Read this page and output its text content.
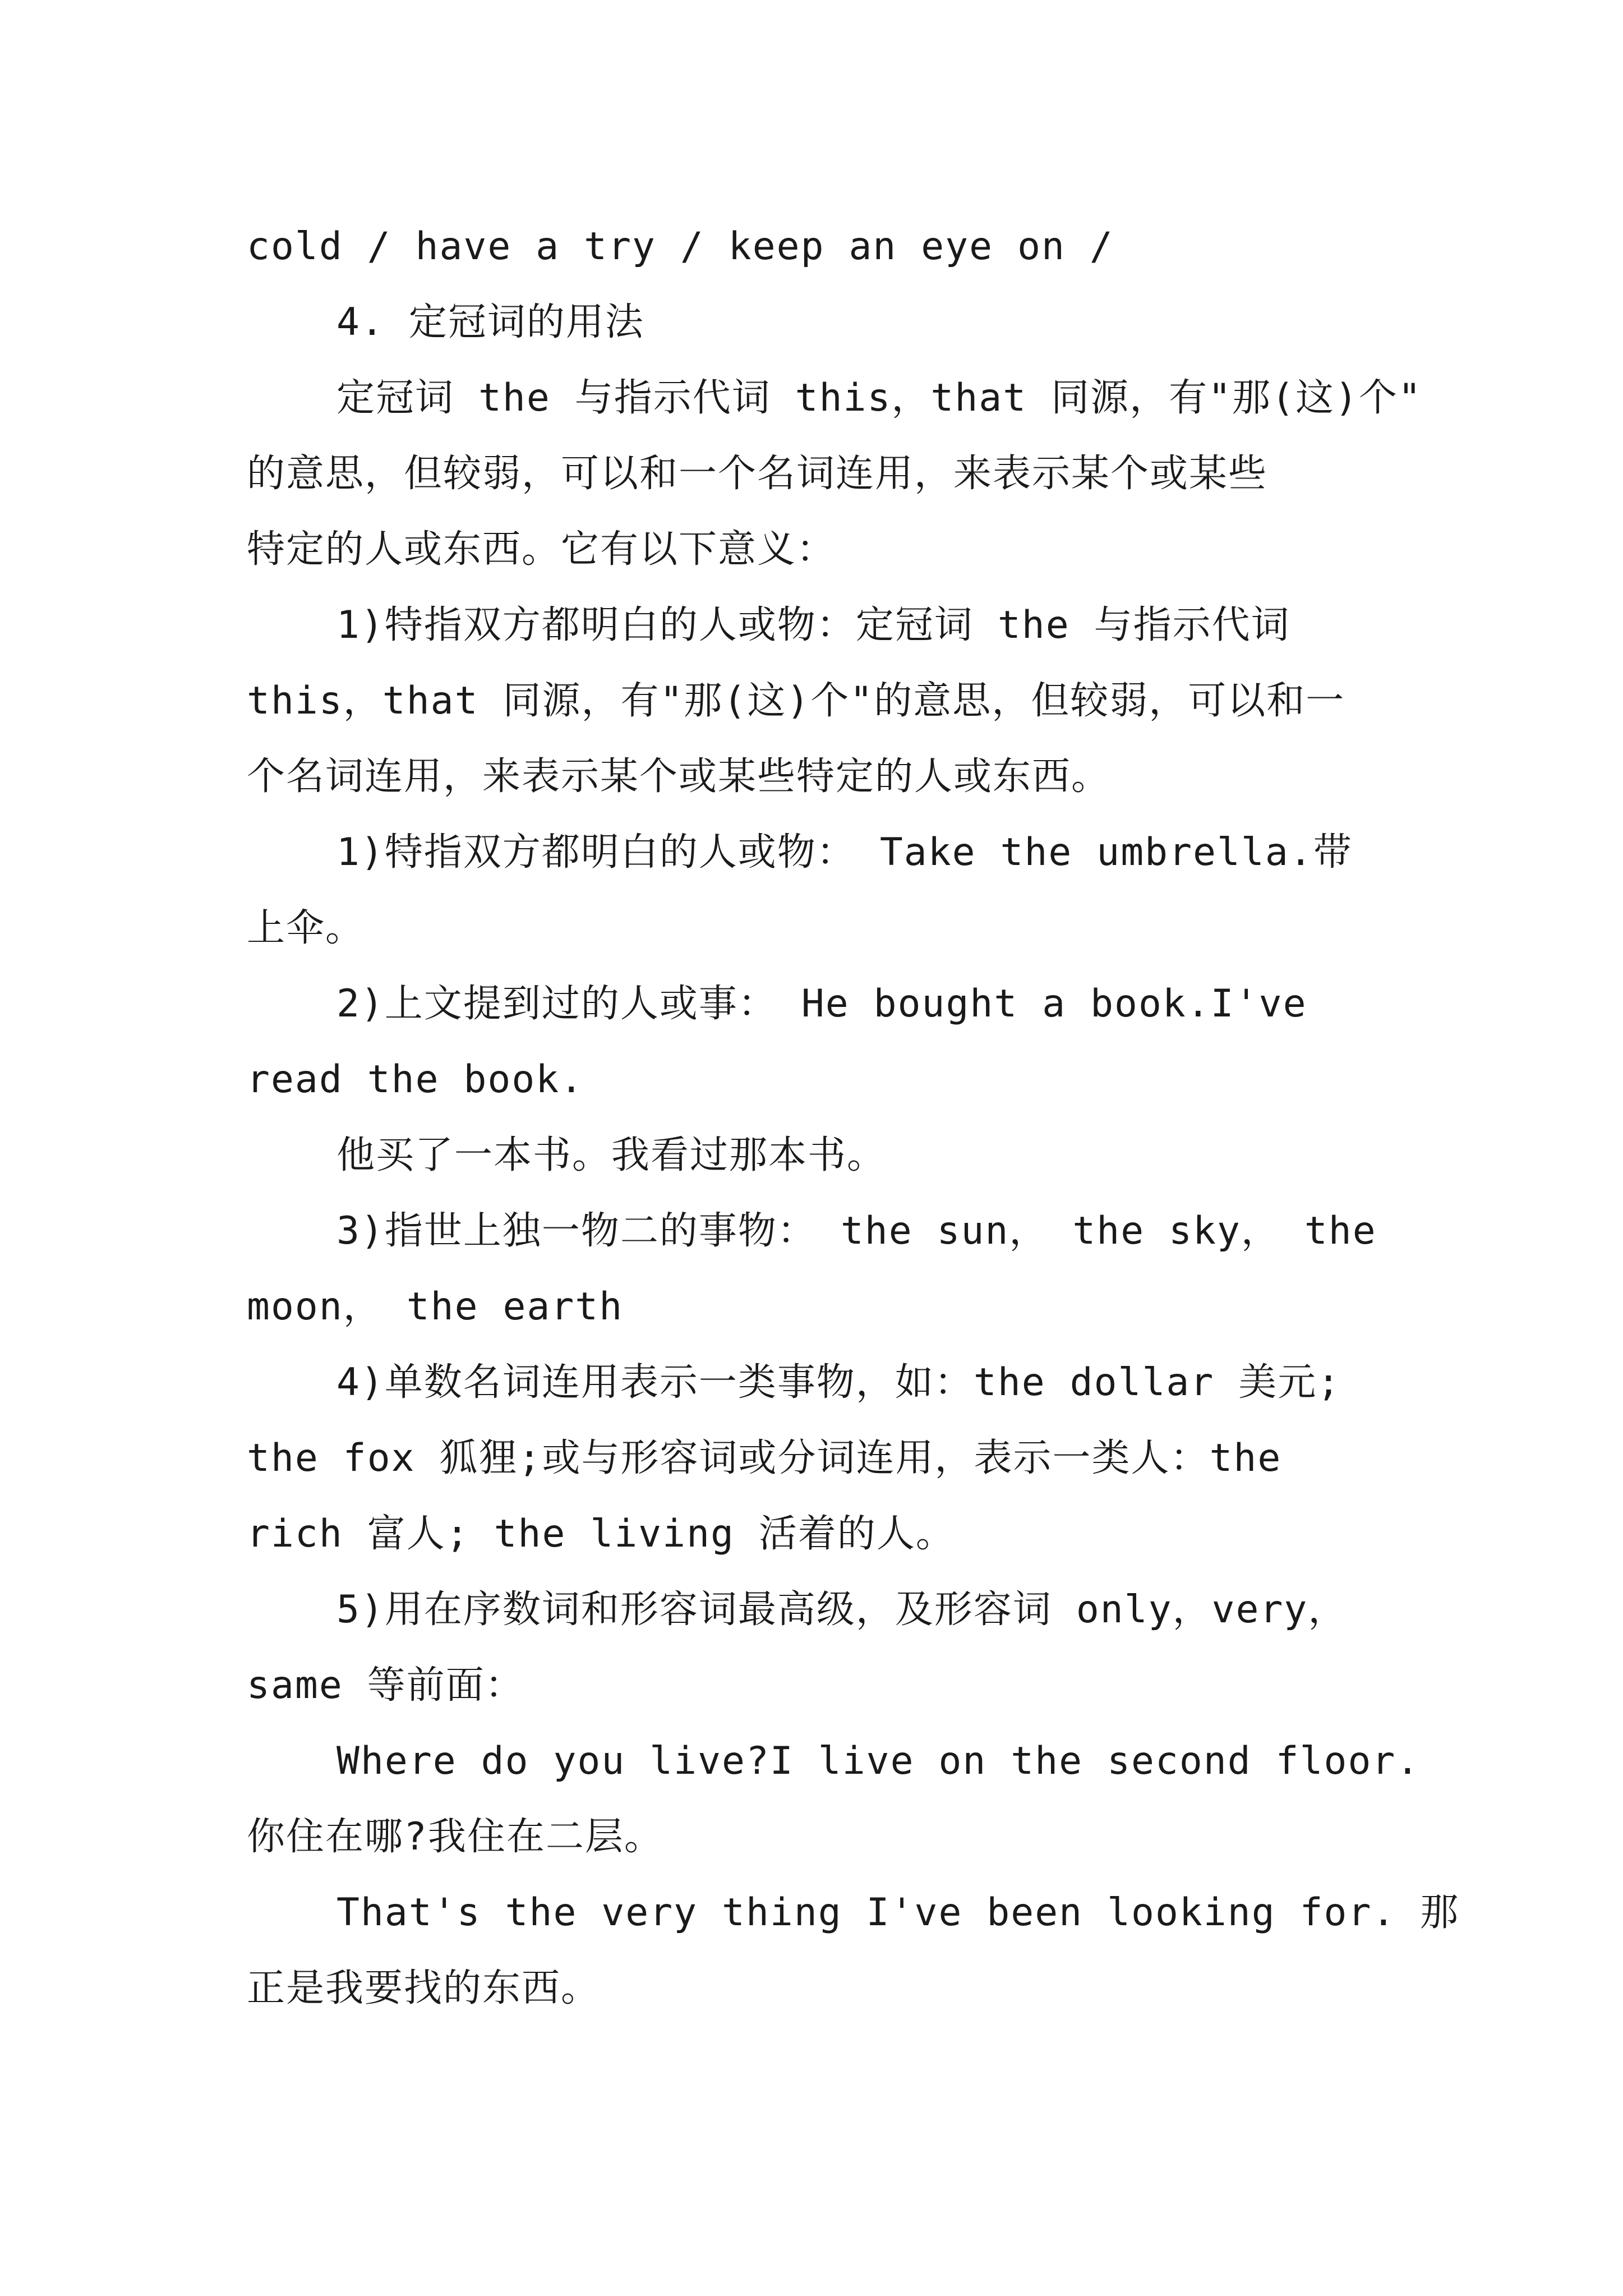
cold / have a try / keep an eye on /
4. 定冠词的用法
定冠词 the 与指示代词 this，that 同源，有"那(这)个"
的意思，但较弱，可以和一个名词连用，来表示某个或某些
特定的人或东西。它有以下意义：
1)特指双方都明白的人或物：定冠词 the 与指示代词
this，that 同源，有"那(这)个"的意思，但较弱，可以和一
个名词连用，来表示某个或某些特定的人或东西。
1)特指双方都明白的人或物： Take the umbrella.带
上伞。
2)上文提到过的人或事： He bought a book.I've
read the book.
他买了一本书。我看过那本书。
3)指世上独一物二的事物： the sun， the sky， the
moon， the earth
4)单数名词连用表示一类事物，如：the dollar 美元;
the fox 狐狸;或与形容词或分词连用，表示一类人：the
rich 富人; the living 活着的人。
5)用在序数词和形容词最高级，及形容词 only，very，
same 等前面：
Where do you live?I live on the second floor.
你住在哪?我住在二层。
That's the very thing I've been looking for. 那
正是我要找的东西。
